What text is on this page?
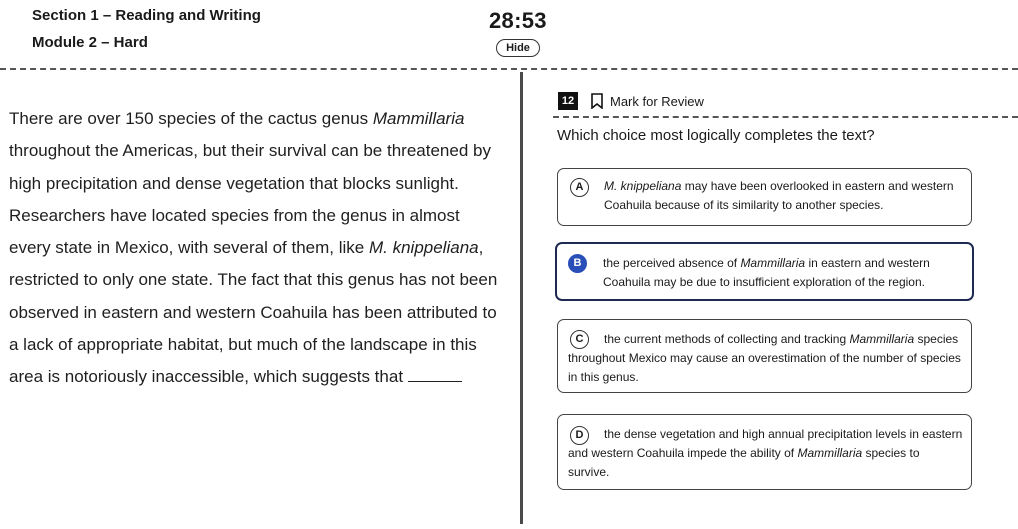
Section 1 – Reading and Writing
Module 2 – Hard
28:53
Hide
There are over 150 species of the cactus genus Mammillaria throughout the Americas, but their survival can be threatened by high precipitation and dense vegetation that blocks sunlight. Researchers have located species from the genus in almost every state in Mexico, with several of them, like M. knippeliana, restricted to only one state. The fact that this genus has not been observed in eastern and western Coahuila has been attributed to a lack of appropriate habitat, but much of the landscape in this area is notoriously inaccessible, which suggests that
12	Mark for Review
Which choice most logically completes the text?
A	M. knippeliana may have been overlooked in eastern and western Coahuila because of its similarity to another species.
B	the perceived absence of Mammillaria in eastern and western Coahuila may be due to insufficient exploration of the region.
C	the current methods of collecting and tracking Mammillaria species throughout Mexico may cause an overestimation of the number of species in this genus.
D	the dense vegetation and high annual precipitation levels in eastern and western Coahuila impede the ability of Mammillaria species to survive.
